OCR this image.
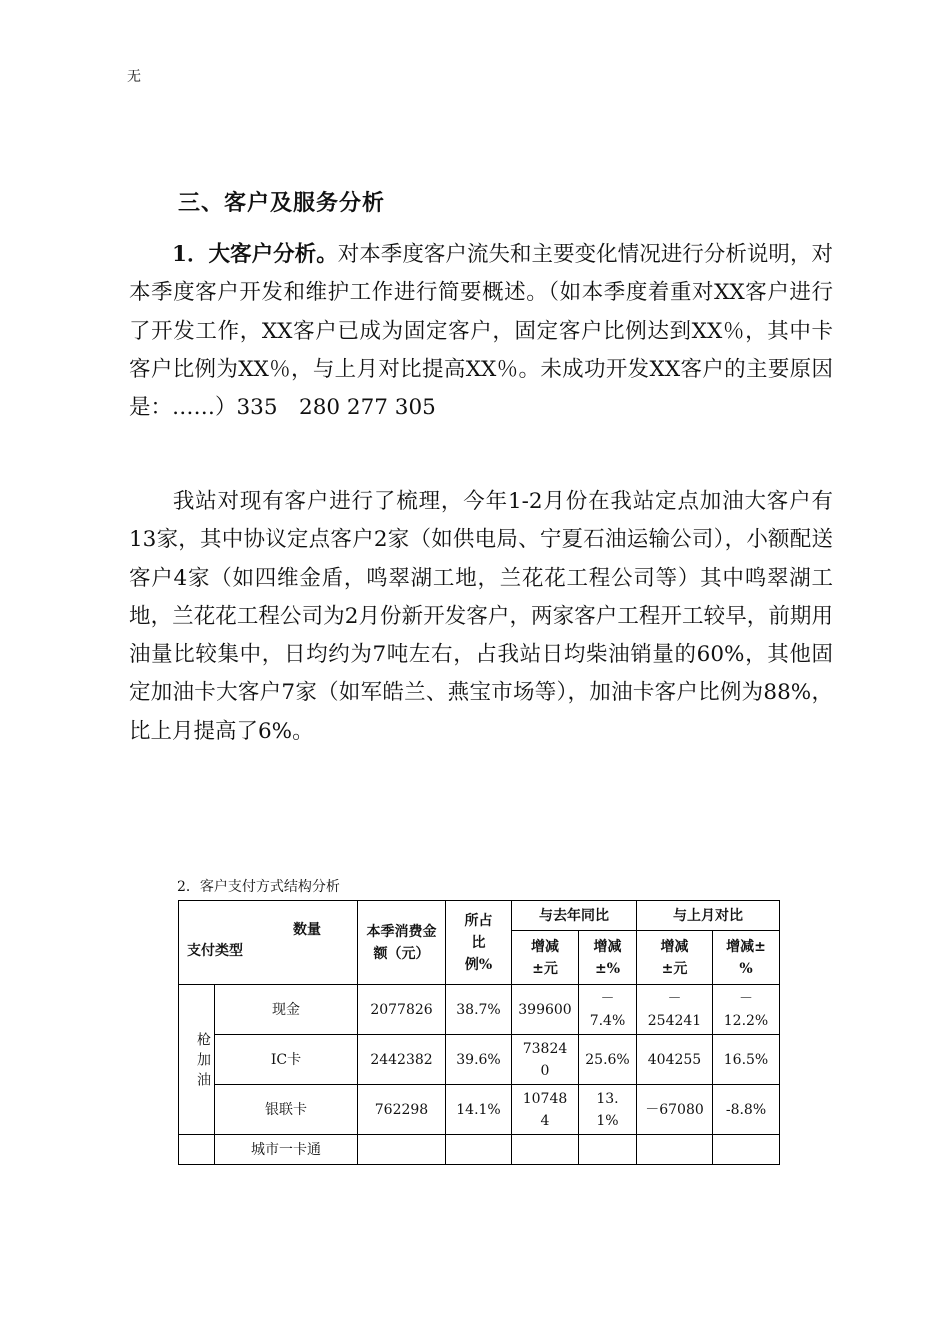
无
三、客户及服务分析
  1．大客户分析。对本季度客户流失和主要变化情况进行分析说明，对本季度客户开发和维护工作进行简要概述。（如本季度着重对XX客户进行了开发工作，XX客户已成为固定客户，固定客户比例达到XX％，其中卡客户比例为XX％，与上月对比提高XX％。未成功开发XX客户的主要原因是：……）335　280 277 305
  我站对现有客户进行了梳理，今年1-2月份在我站定点加油大客户有13家，其中协议定点客户2家（如供电局、宁夏石油运输公司），小额配送客户4家（如四维金盾，鸣翠湖工地，兰花花工程公司等）其中鸣翠湖工地，兰花花工程公司为2月份新开发客户，两家客户工程开工较早，前期用油量比较集中，日均约为7吨左右，占我站日均柴油销量的60%，其他固定加油卡大客户7家（如军皓兰、燕宝市场等），加油卡客户比例为88%，比上月提高了6%。
2．客户支付方式结构分析
数量
支付类型		本季消费金额（元）	所占比例%	与去年同比		与上月对比	

				增减±元	增减±%	增减±元	增减±%

枪加油	现金	2077826	38.7%	399600	－7.4%	－254241	－12.2%

	IC卡	2442382	39.6%	738240	25.6%	404255	16.5%
	银联卡	762298	14.1%	107484	13.1%	－67080	-8.8%
	城市一卡通						
